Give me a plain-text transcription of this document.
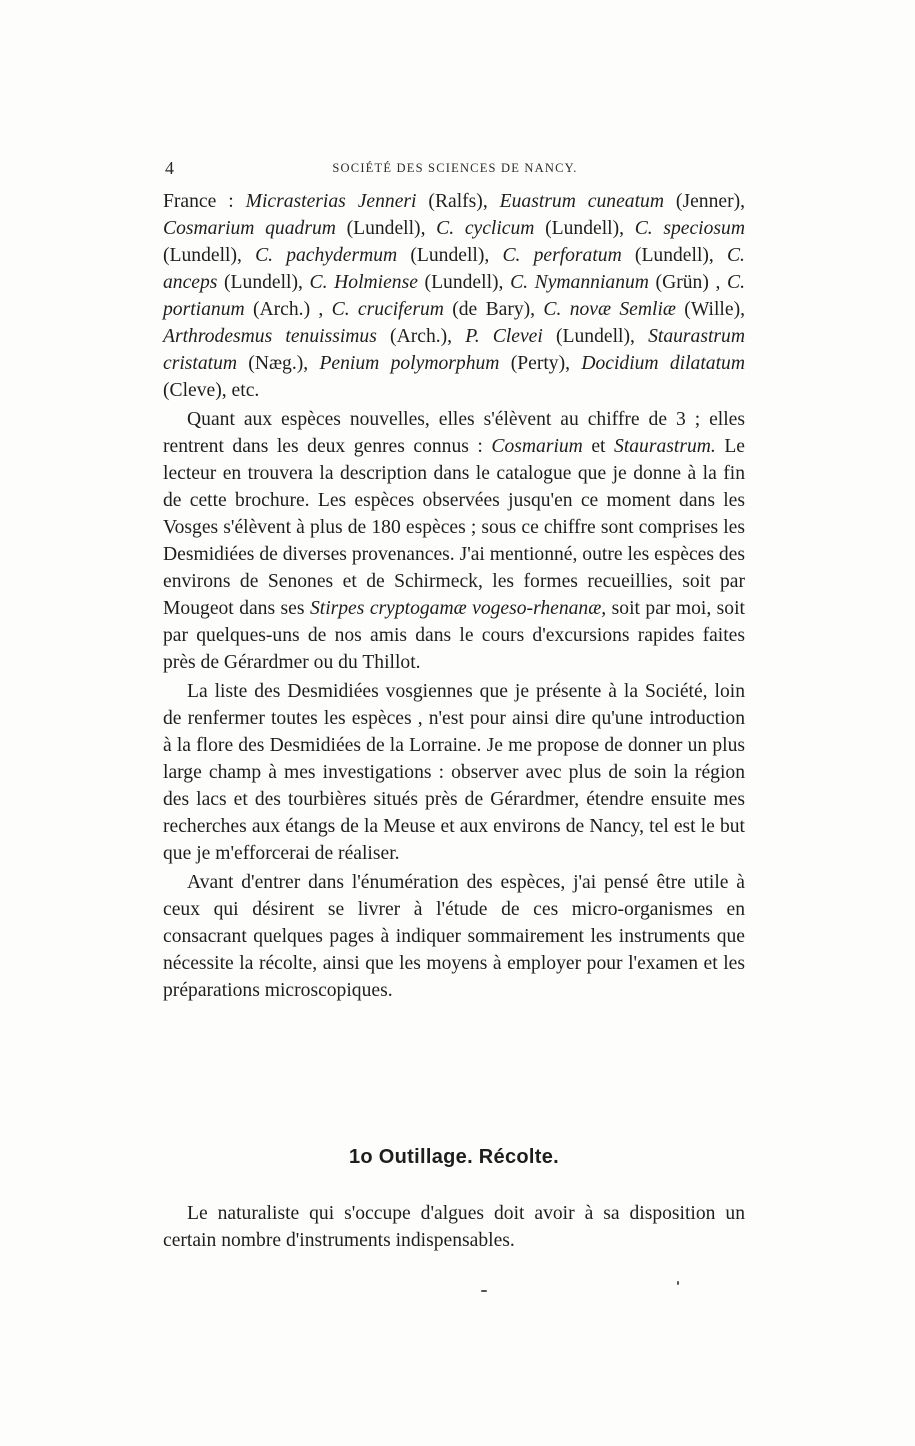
4	SOCIÉTÉ DES SCIENCES DE NANCY.

France : Micrasterias Jenneri (Ralfs), Euastrum cuneatum (Jenner), Cosmarium quadrum (Lundell), C. cyclicum (Lundell), C. speciosum (Lundell), C. pachydermum (Lundell), C. perforatum (Lundell), C. anceps (Lundell), C. Holmiense (Lundell), C. Nymannianum (Grün) , C. portianum (Arch.) , C. cruciferum (de Bary), C. novæ Semliæ (Wille), Arthrodesmus tenuissimus (Arch.), P. Clevei (Lundell), Staurastrum cristatum (Næg.), Penium polymorphum (Perty), Docidium dilatatum (Cleve), etc.

Quant aux espèces nouvelles, elles s'élèvent au chiffre de 3 ; elles rentrent dans les deux genres connus : Cosmarium et Staurastrum. Le lecteur en trouvera la description dans le catalogue que je donne à la fin de cette brochure. Les espèces observées jusqu'en ce moment dans les Vosges s'élèvent à plus de 180 espèces ; sous ce chiffre sont comprises les Desmidiées de diverses provenances. J'ai mentionné, outre les espèces des environs de Senones et de Schirmeck, les formes recueillies, soit par Mougeot dans ses Stirpes cryptogamæ vogeso-rhenanæ, soit par moi, soit par quelques-uns de nos amis dans le cours d'excursions rapides faites près de Gérardmer ou du Thillot.

La liste des Desmidiées vosgiennes que je présente à la Société, loin de renfermer toutes les espèces , n'est pour ainsi dire qu'une introduction à la flore des Desmidiées de la Lorraine. Je me propose de donner un plus large champ à mes investigations : observer avec plus de soin la région des lacs et des tourbières situés près de Gérardmer, étendre ensuite mes recherches aux étangs de la Meuse et aux environs de Nancy, tel est le but que je m'efforcerai de réaliser.

Avant d'entrer dans l'énumération des espèces, j'ai pensé être utile à ceux qui désirent se livrer à l'étude de ces micro-organismes en consacrant quelques pages à indiquer sommairement les instruments que nécessite la récolte, ainsi que les moyens à employer pour l'examen et les préparations microscopiques.

1o Outillage. Récolte.

Le naturaliste qui s'occupe d'algues doit avoir à sa disposition un certain nombre d'instruments indispensables.
